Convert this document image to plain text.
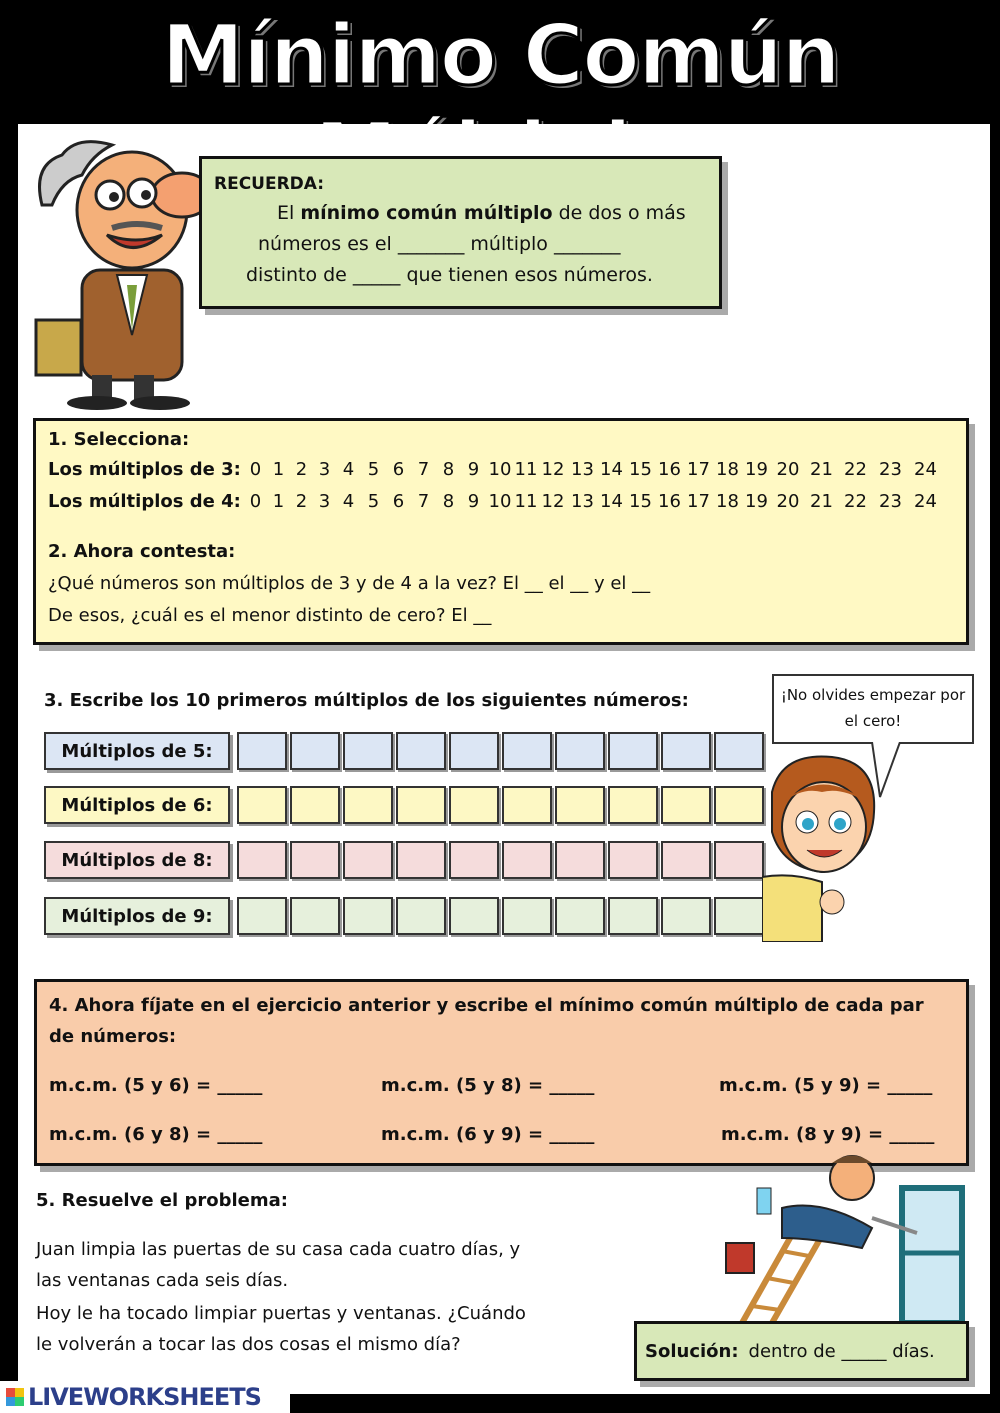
Mínimo Común
RECUERDA:
El mínimo común múltiplo de dos o más
números es el _______ múltiplo _______
distinto de _____ que tienen esos números.
1. Selecciona:
Los múltiplos de 3: 0 1 2 3 4 5 6 7 8 9 10 11 12 13 14 15 16 17 18 19 20 21 22 23 24
Los múltiplos de 4: 0 1 2 3 4 5 6 7 8 9 10 11 12 13 14 15 16 17 18 19 20 21 22 23 24
2. Ahora contesta:
¿Qué números son múltiplos de 3 y de 4 a la vez? El __ el __ y el __
De esos, ¿cuál es el menor distinto de cero? El __
3. Escribe los 10 primeros múltiplos de los siguientes números:	¡No olvides empezar por el cero!
Múltiplos de 5:
Múltiplos de 6:
Múltiplos de 8:
Múltiplos de 9:
4. Ahora fíjate en el ejercicio anterior y escribe el mínimo común múltiplo de cada par de números:
m.c.m. (5 y 6) = _____	m.c.m. (5 y 8) = _____	m.c.m. (5 y 9) = _____
m.c.m. (6 y 8) = _____	m.c.m. (6 y 9) = _____	m.c.m. (8 y 9) = _____
5. Resuelve el problema:
Juan limpia las puertas de su casa cada cuatro días, y
las ventanas cada seis días.
Hoy le ha tocado limpiar puertas y ventanas. ¿Cuándo
le volverán a tocar las dos cosas el mismo día?	Solución: dentro de _____ días.
LIVEWORKSHEETS
